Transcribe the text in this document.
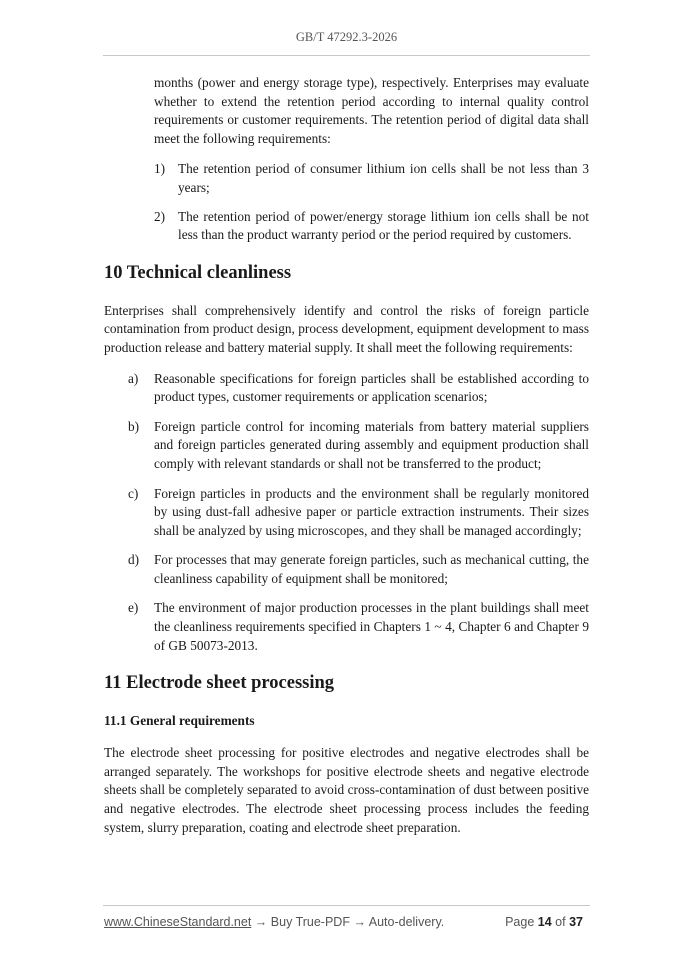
GB/T 47292.3-2026

months (power and energy storage type), respectively. Enterprises may evaluate whether to extend the retention period according to internal quality control requirements or customer requirements. The retention period of digital data shall meet the following requirements:

1) The retention period of consumer lithium ion cells shall be not less than 3 years;

2) The retention period of power/energy storage lithium ion cells shall be not less than the product warranty period or the period required by customers.

10 Technical cleanliness

Enterprises shall comprehensively identify and control the risks of foreign particle contamination from product design, process development, equipment development to mass production release and battery material supply. It shall meet the following requirements:

a) Reasonable specifications for foreign particles shall be established according to product types, customer requirements or application scenarios;

b) Foreign particle control for incoming materials from battery material suppliers and foreign particles generated during assembly and equipment production shall comply with relevant standards or shall not be transferred to the product;

c) Foreign particles in products and the environment shall be regularly monitored by using dust-fall adhesive paper or particle extraction instruments. Their sizes shall be analyzed by using microscopes, and they shall be managed accordingly;

d) For processes that may generate foreign particles, such as mechanical cutting, the cleanliness capability of equipment shall be monitored;

e) The environment of major production processes in the plant buildings shall meet the cleanliness requirements specified in Chapters 1 ~ 4, Chapter 6 and Chapter 9 of GB 50073-2013.

11 Electrode sheet processing
11.1 General requirements

The electrode sheet processing for positive electrodes and negative electrodes shall be arranged separately. The workshops for positive electrode sheets and negative electrode sheets shall be completely separated to avoid cross-contamination of dust between positive and negative electrodes. The electrode sheet processing process includes the feeding system, slurry preparation, coating and electrode sheet preparation.

www.ChineseStandard.net → Buy True-PDF → Auto-delivery.	Page 14 of 37
